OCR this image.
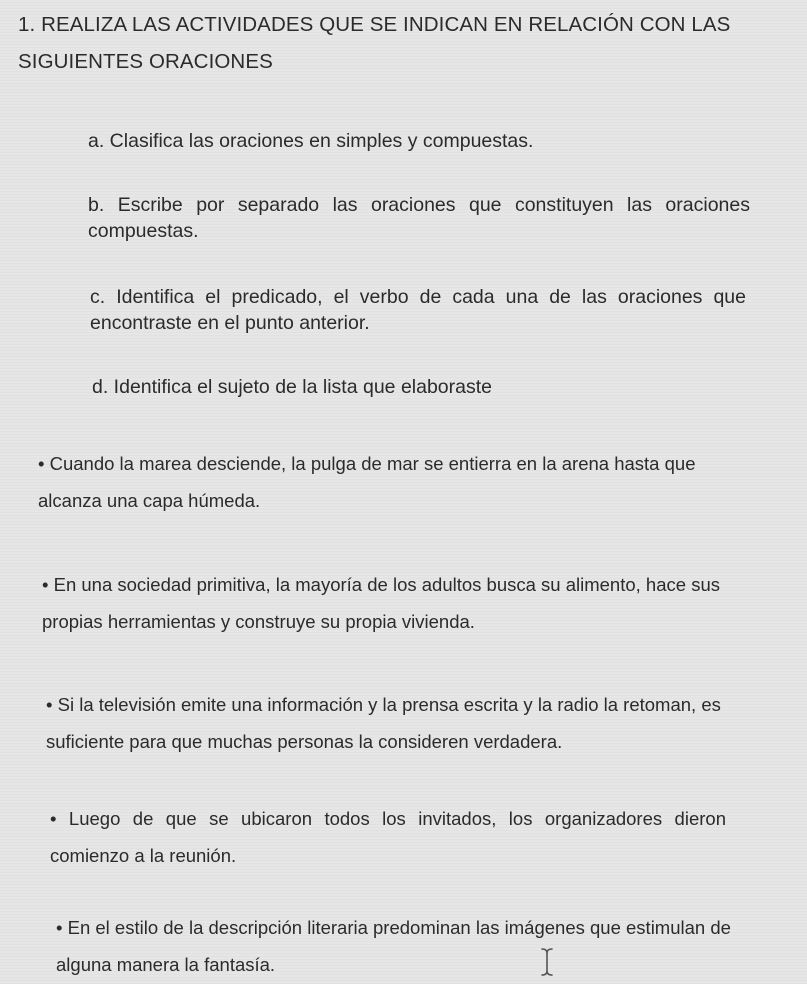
1. REALIZA LAS ACTIVIDADES QUE SE INDICAN EN RELACIÓN CON LAS SIGUIENTES ORACIONES
a. Clasifica las oraciones en simples y compuestas.
b. Escribe por separado las oraciones que constituyen las oraciones compuestas.
c. Identifica el predicado, el verbo de cada una de las oraciones que encontraste en el punto anterior.
d. Identifica el sujeto de la lista que elaboraste
• Cuando la marea desciende, la pulga de mar se entierra en la arena hasta que alcanza una capa húmeda.
• En una sociedad primitiva, la mayoría de los adultos busca su alimento, hace sus propias herramientas y construye su propia vivienda.
• Si la televisión emite una información y la prensa escrita y la radio la retoman, es suficiente para que muchas personas la consideren verdadera.
• Luego de que se ubicaron todos los invitados, los organizadores dieron comienzo a la reunión.
• En el estilo de la descripción literaria predominan las imágenes que estimulan de alguna manera la fantasía.
